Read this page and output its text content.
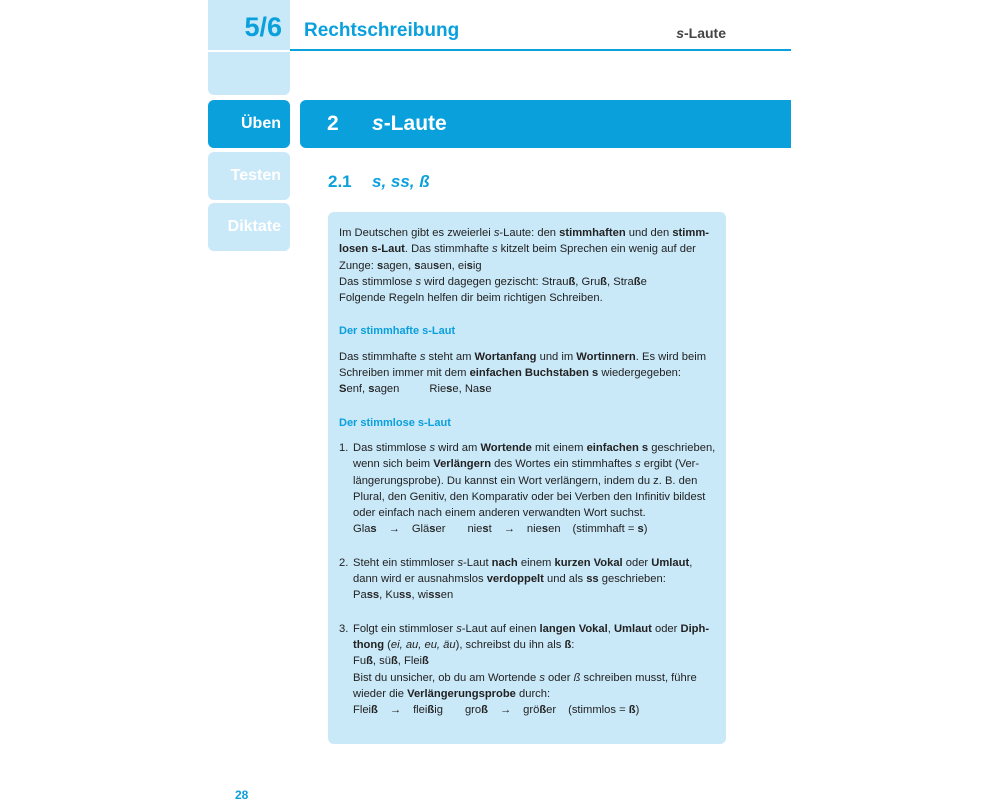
5/6 Rechtschreibung	s-Laute
Üben
Testen
Diktate
2	s-Laute
2.1	s, ss, ß

Im Deutschen gibt es zweierlei s-Laute: den stimmhaften und den stimm-
losen s-Laut. Das stimmhafte s kitzelt beim Sprechen ein wenig auf der
Zunge: sagen, sausen, eisig
Das stimmlose s wird dagegen gezischt: Strauß, Gruß, Straße
Folgende Regeln helfen dir beim richtigen Schreiben.

Der stimmhafte s-Laut

Das stimmhafte s steht am Wortanfang und im Wortinnern. Es wird beim
Schreiben immer mit dem einfachen Buchstaben s wiedergegeben:
Senf, sagen	Riese, Nase

Der stimmlose s-Laut
1. Das stimmlose s wird am Wortende mit einem einfachen s geschrieben,
wenn sich beim Verlängern des Wortes ein stimmhaftes s ergibt (Ver-
längerungsprobe). Du kannst ein Wort verlängern, indem du z. B. den
Plural, den Genitiv, den Komparativ oder bei Verben den Infinitiv bildest
oder einfach nach einem anderen verwandten Wort suchst.
Glas → Gläser niest → niesen (stimmhaft = s)
2. Steht ein stimmloser s-Laut nach einem kurzen Vokal oder Umlaut,
dann wird er ausnahmslos verdoppelt und als ss geschrieben:
Pass, Kuss, wissen
3. Folgt ein stimmloser s-Laut auf einen langen Vokal, Umlaut oder Diph-
thong (ei, au, eu, äu), schreibst du ihn als ß:
Fuß, süß, Fleiß

Bist du unsicher, ob du am Wortende s oder ß schreiben musst, führe
wieder die Verlängerungsprobe durch:
Fleiß → fleißig groß → größer (stimmlos = ß)

28
